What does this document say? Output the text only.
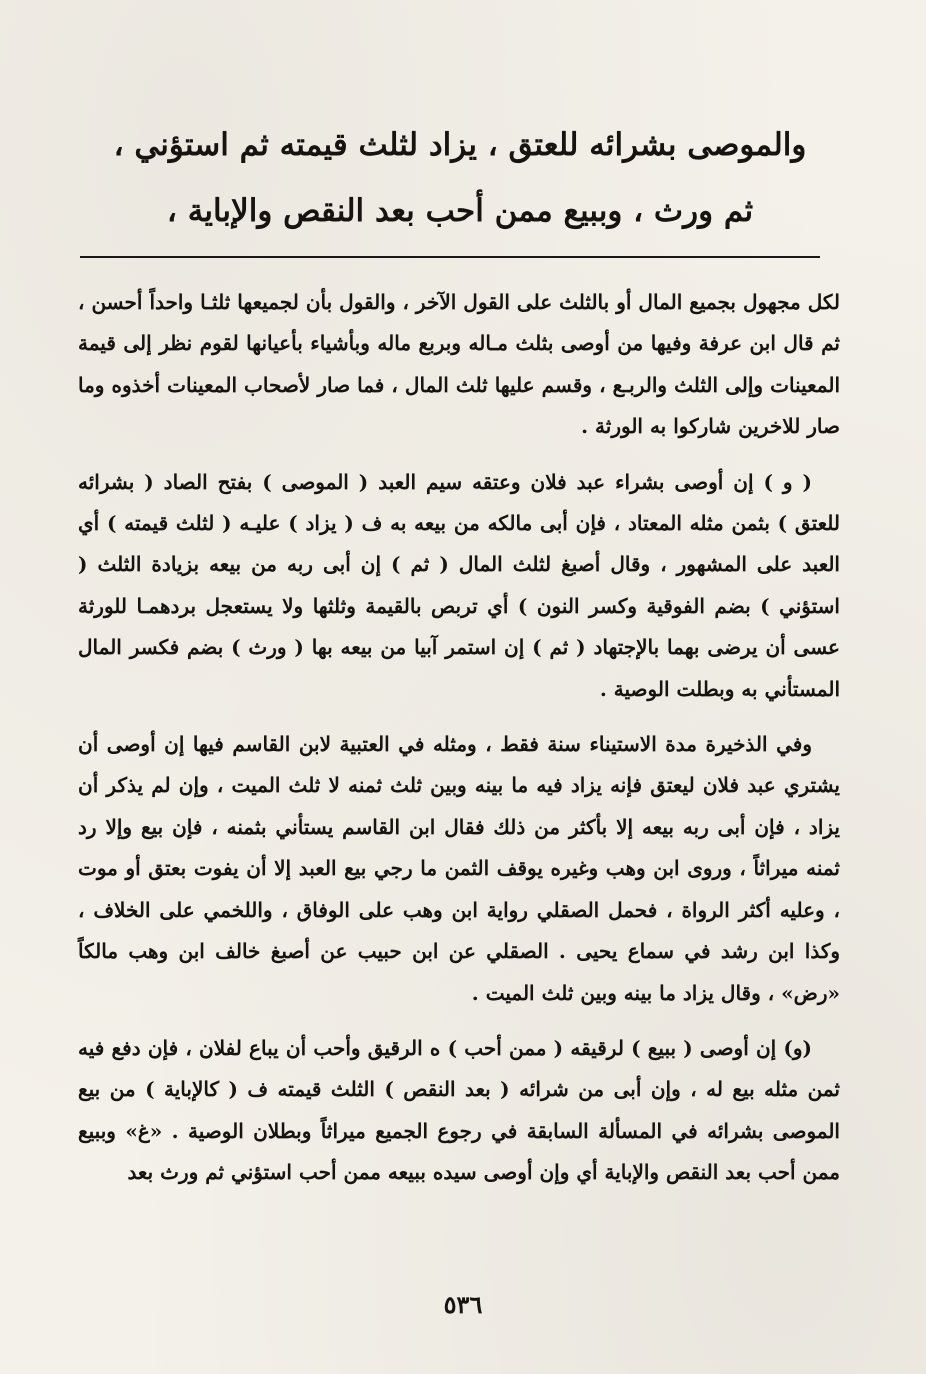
والموصى بشرائه للعتق ، يزاد لثلث قيمته ثم استؤني ، ثم ورث ، وببيع ممن أحب بعد النقص والإباية ،

لكل مجهول بجميع المال أو بالثلث على القول الآخر ، والقول بأن لجميعها ثلثـا واحداً أحسن ، ثم قال ابن عرفة وفيها من أوصى بثلث مـاله وبربع ماله وبأشياء بأعيانها لقوم نظر إلى قيمة المعينات وإلى الثلث والربـع ، وقسم عليها ثلث المال ، فما صار لأصحاب المعينات أخذوه وما صار للاخرين شاركوا به الورثة .

( و ) إن أوصى بشراء عبد فلان وعتقه سيم العبد ( الموصى ) بفتح الصاد ( بشرائه للعتق ) بثمن مثله المعتاد ، فإن أبى مالكه من بيعه به ف ( يزاد ) عليـه ( لثلث قيمته ) أي العبد على المشهور ، وقال أصبغ لثلث المال ( ثم ) إن أبى ربه من بيعه بزيادة الثلث ( استؤني ) بضم الفوقية وكسر النون ) أي تربص بالقيمة وثلثها ولا يستعجل بردهمـا للورثة عسى أن يرضى بهما بالإجتهاد ( ثم ) إن استمر آبيا من بيعه بها ( ورث ) بضم فكسر المال المستأني به وبطلت الوصية .

وفي الذخيرة مدة الاستيناء سنة فقط ، ومثله في العتبية لابن القاسم فيها إن أوصى أن يشتري عبد فلان ليعتق فإنه يزاد فيه ما بينه وبين ثلث ثمنه لا ثلث الميت ، وإن لم يذكر أن يزاد ، فإن أبى ربه بيعه إلا بأكثر من ذلك فقال ابن القاسم يستأني بثمنه ، فإن بيع وإلا رد ثمنه ميراثاً ، وروى ابن وهب وغيره يوقف الثمن ما رجي بيع العبد إلا أن يفوت بعتق أو موت ، وعليه أكثر الرواة ، فحمل الصقلي رواية ابن وهب على الوفاق ، واللخمي على الخلاف ، وكذا ابن رشد في سماع يحيى . الصقلي عن ابن حبيب عن أصبغ خالف ابن وهب مالكاً «رض» ، وقال يزاد ما بينه وبين ثلث الميت .

(و) إن أوصى ( ببيع ) لرقيقه ( ممن أحب ) ه الرقيق وأحب أن يباع لفلان ، فإن دفع فيه ثمن مثله بيع له ، وإن أبى من شرائه ( بعد النقص ) الثلث قيمته ف ( كالإباية ) من بيع الموصى بشرائه في المسألة السابقة في رجوع الجميع ميراثاً وبطلان الوصية . «غ» وببيع ممن أحب بعد النقص والإباية أي وإن أوصى سيده ببيعه ممن أحب استؤني ثم ورث بعد

٥٣٦
